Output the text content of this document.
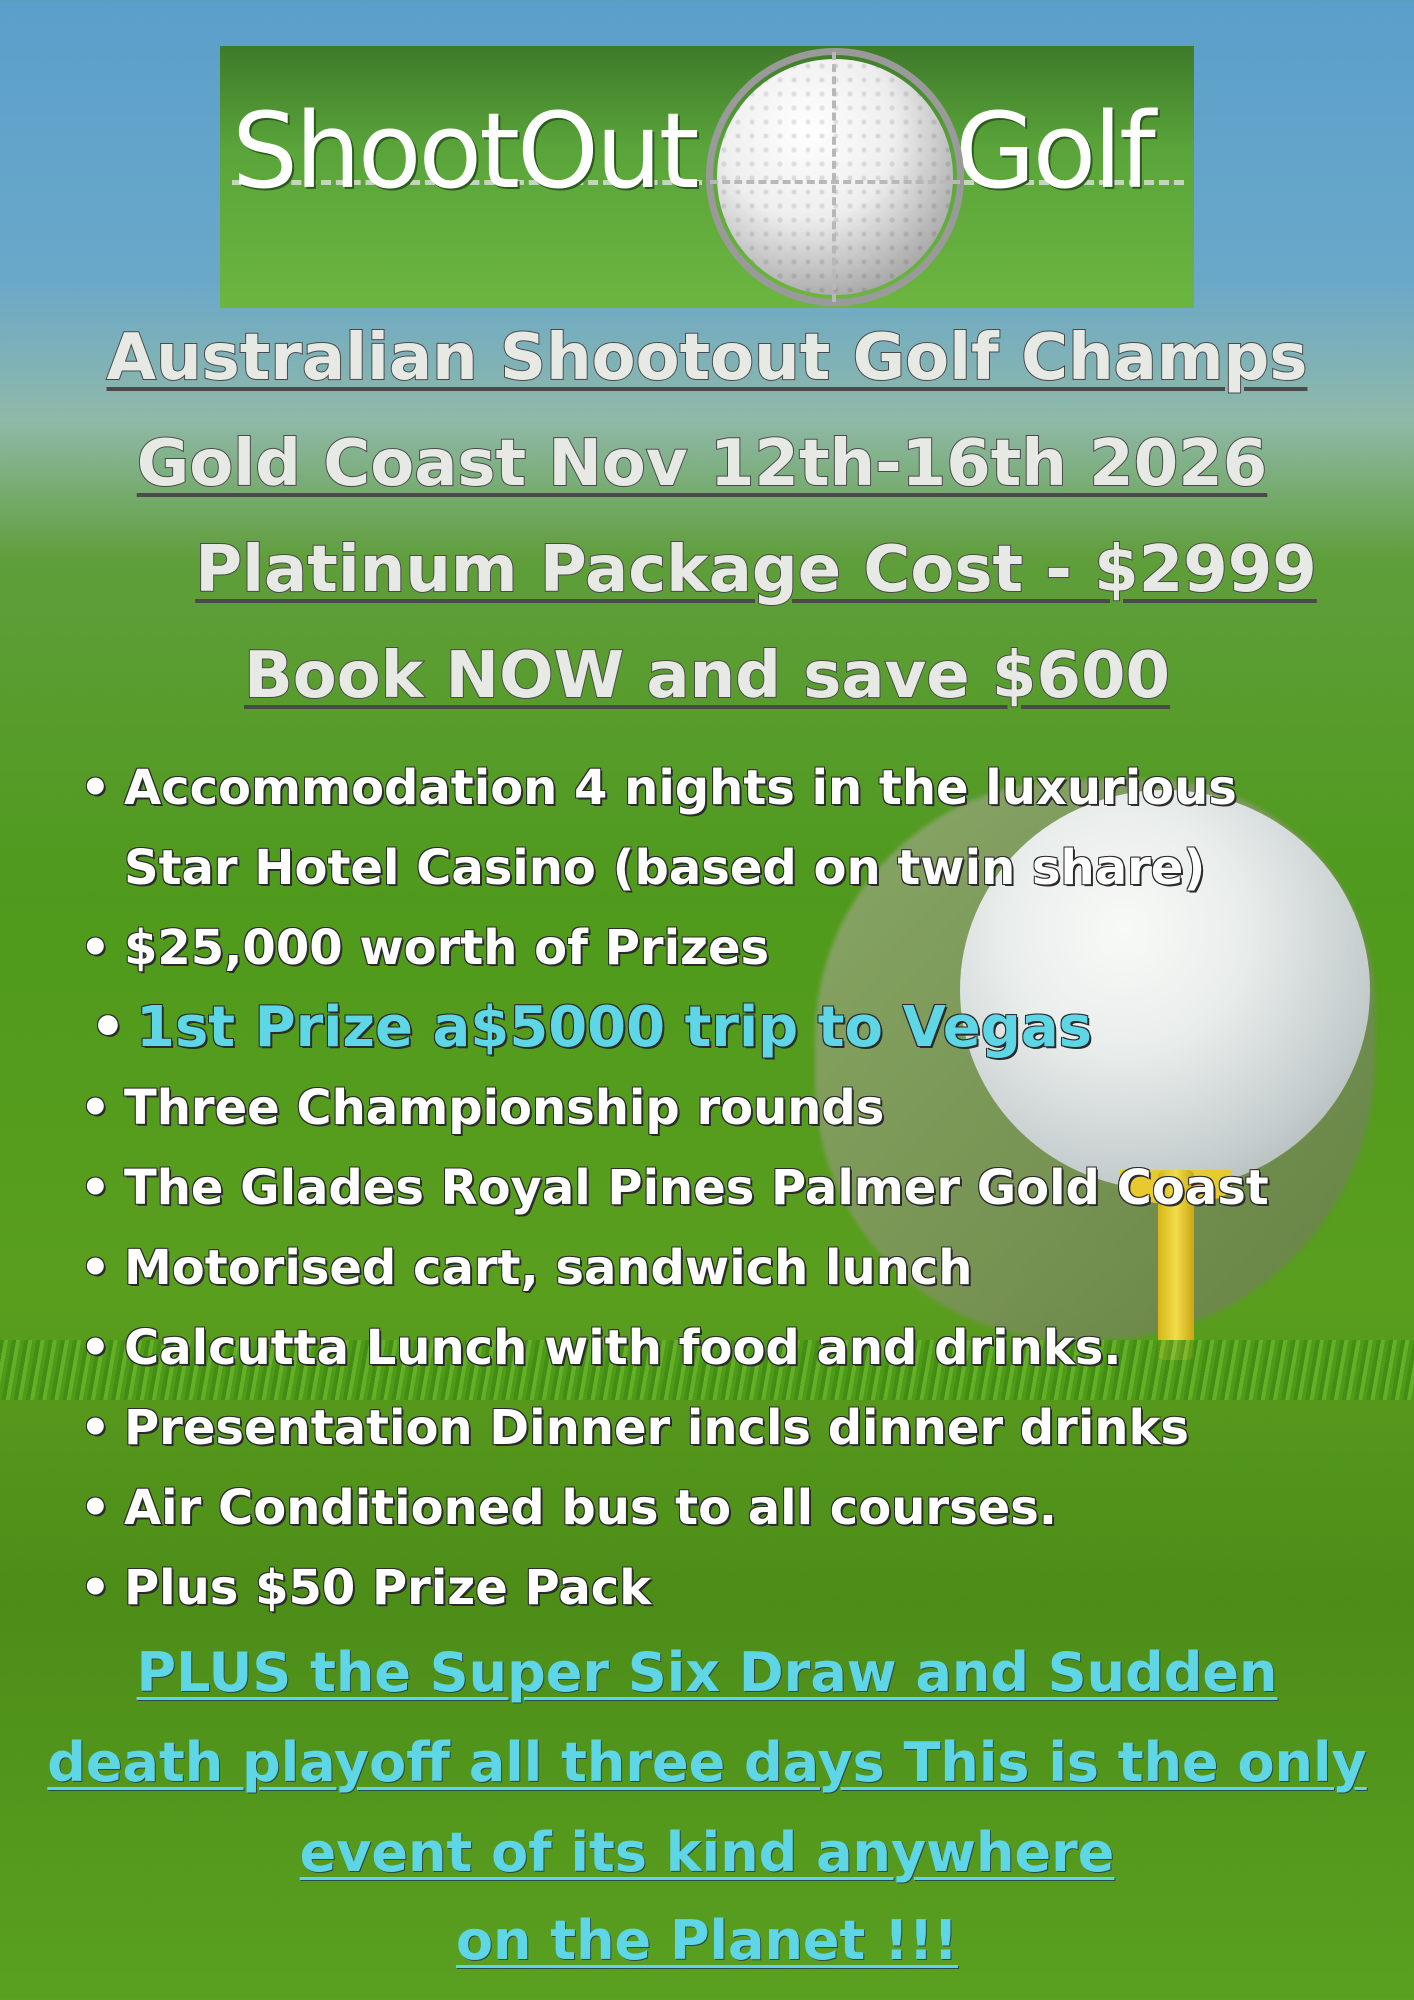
ShootOut Golf
Australian Shootout Golf Champs
Gold Coast Nov 12th-16th 2026
Platinum Package Cost - $2999
Book NOW and save $600
• Accommodation 4 nights in the luxurious
Star Hotel Casino (based on twin share)
• $25,000 worth of Prizes
• 1st Prize a$5000 trip to Vegas
• Three Championship rounds
• The Glades Royal Pines Palmer Gold Coast
• Motorised cart, sandwich lunch
• Calcutta Lunch with food and drinks.
• Presentation Dinner incls dinner drinks
• Air Conditioned bus to all courses.
• Plus $50 Prize Pack
PLUS the Super Six Draw and Sudden
death playoff all three days This is the only
event of its kind anywhere
on the Planet !!!
